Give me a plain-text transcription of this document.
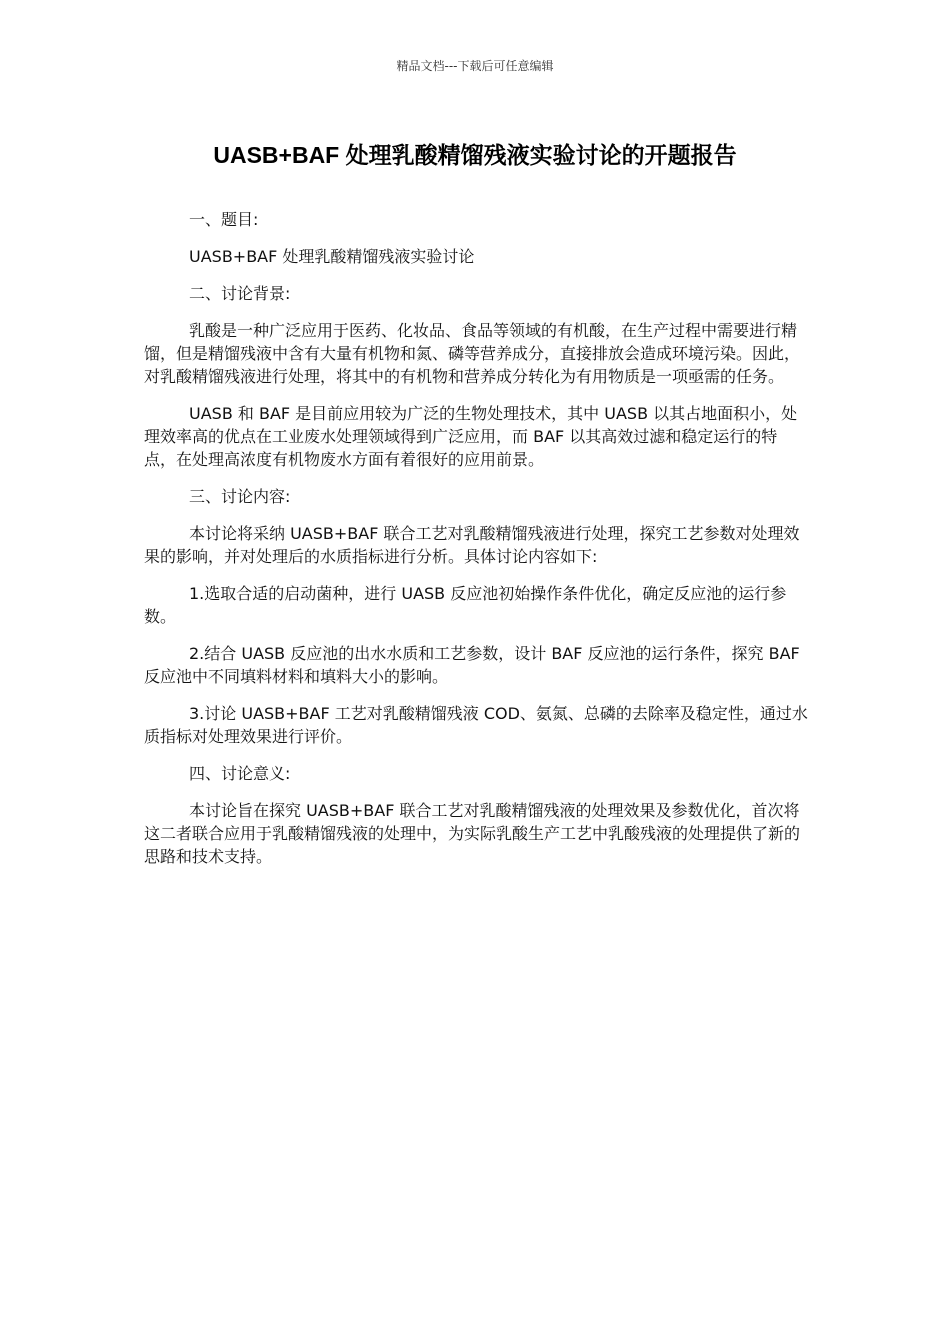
精品文档---下载后可任意编辑
UASB+BAF 处理乳酸精馏残液实验讨论的开题报告

一、题目:

UASB+BAF 处理乳酸精馏残液实验讨论

二、讨论背景:

乳酸是一种广泛应用于医药、化妆品、食品等领域的有机酸，在生产过程中需要进行精馏，但是精馏残液中含有大量有机物和氮、磷等营养成分，直接排放会造成环境污染。因此，对乳酸精馏残液进行处理，将其中的有机物和营养成分转化为有用物质是一项亟需的任务。

UASB 和 BAF 是目前应用较为广泛的生物处理技术，其中 UASB 以其占地面积小，处理效率高的优点在工业废水处理领域得到广泛应用，而 BAF 以其高效过滤和稳定运行的特点，在处理高浓度有机物废水方面有着很好的应用前景。

三、讨论内容:

本讨论将采纳 UASB+BAF 联合工艺对乳酸精馏残液进行处理，探究工艺参数对处理效果的影响，并对处理后的水质指标进行分析。具体讨论内容如下:

1.选取合适的启动菌种，进行 UASB 反应池初始操作条件优化，确定反应池的运行参数。

2.结合 UASB 反应池的出水水质和工艺参数，设计 BAF 反应池的运行条件，探究 BAF 反应池中不同填料材料和填料大小的影响。

3.讨论 UASB+BAF 工艺对乳酸精馏残液 COD、氨氮、总磷的去除率及稳定性，通过水质指标对处理效果进行评价。

四、讨论意义:

本讨论旨在探究 UASB+BAF 联合工艺对乳酸精馏残液的处理效果及参数优化，首次将这二者联合应用于乳酸精馏残液的处理中，为实际乳酸生产工艺中乳酸残液的处理提供了新的思路和技术支持。
